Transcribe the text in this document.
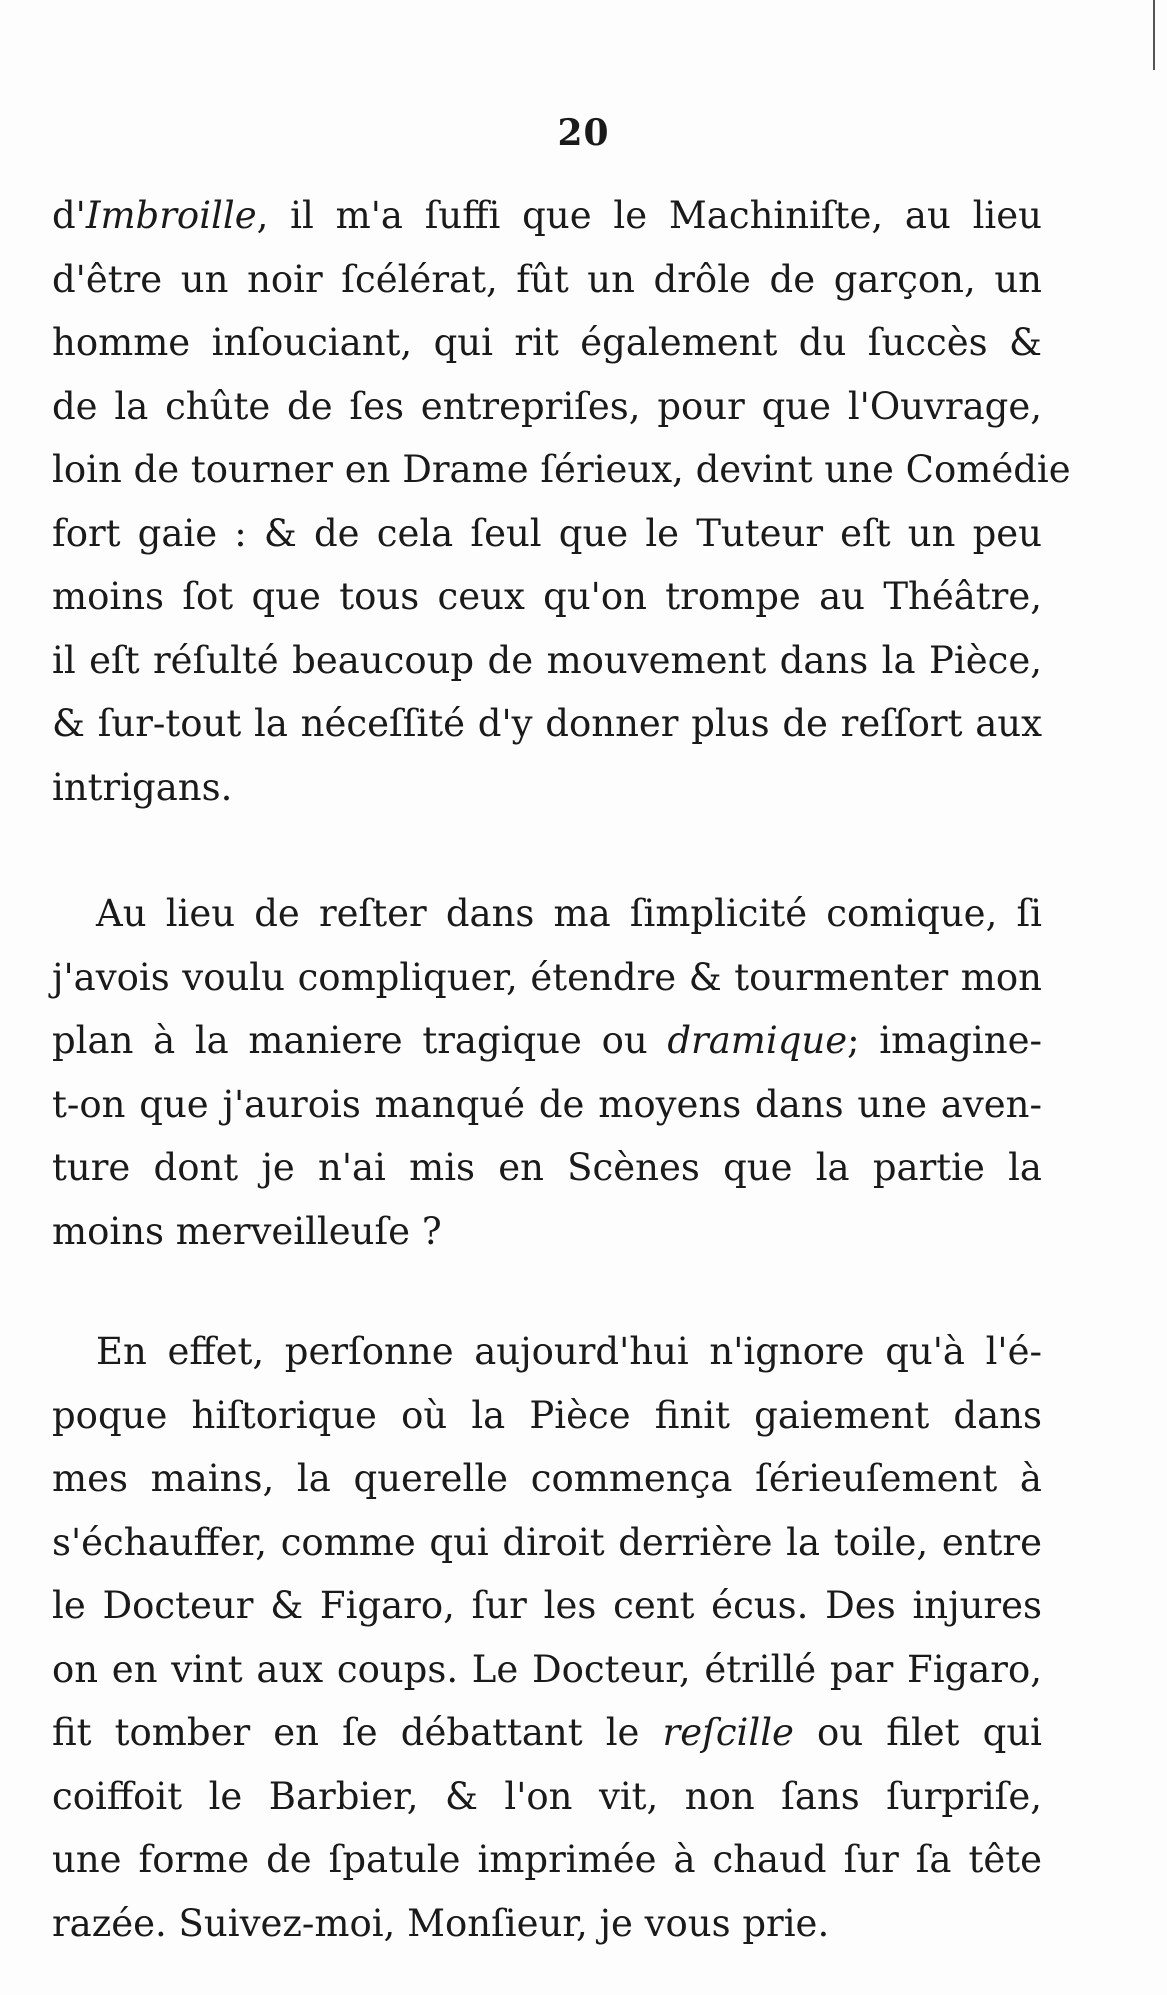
20
d'Imbroille, il m'a ſuffi que le Machiniſte, au lieu
d'être un noir ſcélérat, fût un drôle de garçon, un
homme inſouciant, qui rit également du ſuccès &
de la chûte de ſes entrepriſes, pour que l'Ouvrage,
loin de tourner en Drame ſérieux, devint une Comédie
fort gaie : & de cela ſeul que le Tuteur eſt un peu
moins ſot que tous ceux qu'on trompe au Théâtre,
il eſt réſulté beaucoup de mouvement dans la Pièce,
& ſur-tout la néceſſité d'y donner plus de reſſort aux
intrigans.
Au lieu de reſter dans ma ſimplicité comique, ſi
j'avois voulu compliquer, étendre & tourmenter mon
plan à la maniere tragique ou dramique; imagine-
t-on que j'aurois manqué de moyens dans une aven-
ture dont je n'ai mis en Scènes que la partie la
moins merveilleuſe ?
En effet, perſonne aujourd'hui n'ignore qu'à l'é-
poque hiſtorique où la Pièce finit gaiement dans
mes mains, la querelle commença ſérieuſement à
s'échauffer, comme qui diroit derrière la toile, entre
le Docteur & Figaro, ſur les cent écus. Des injures
on en vint aux coups. Le Docteur, étrillé par Figaro,
fit tomber en ſe débattant le reſcille ou filet qui
coiffoit le Barbier, & l'on vit, non ſans ſurpriſe,
une forme de ſpatule imprimée à chaud ſur ſa tête
razée. Suivez-moi, Monſieur, je vous prie.
